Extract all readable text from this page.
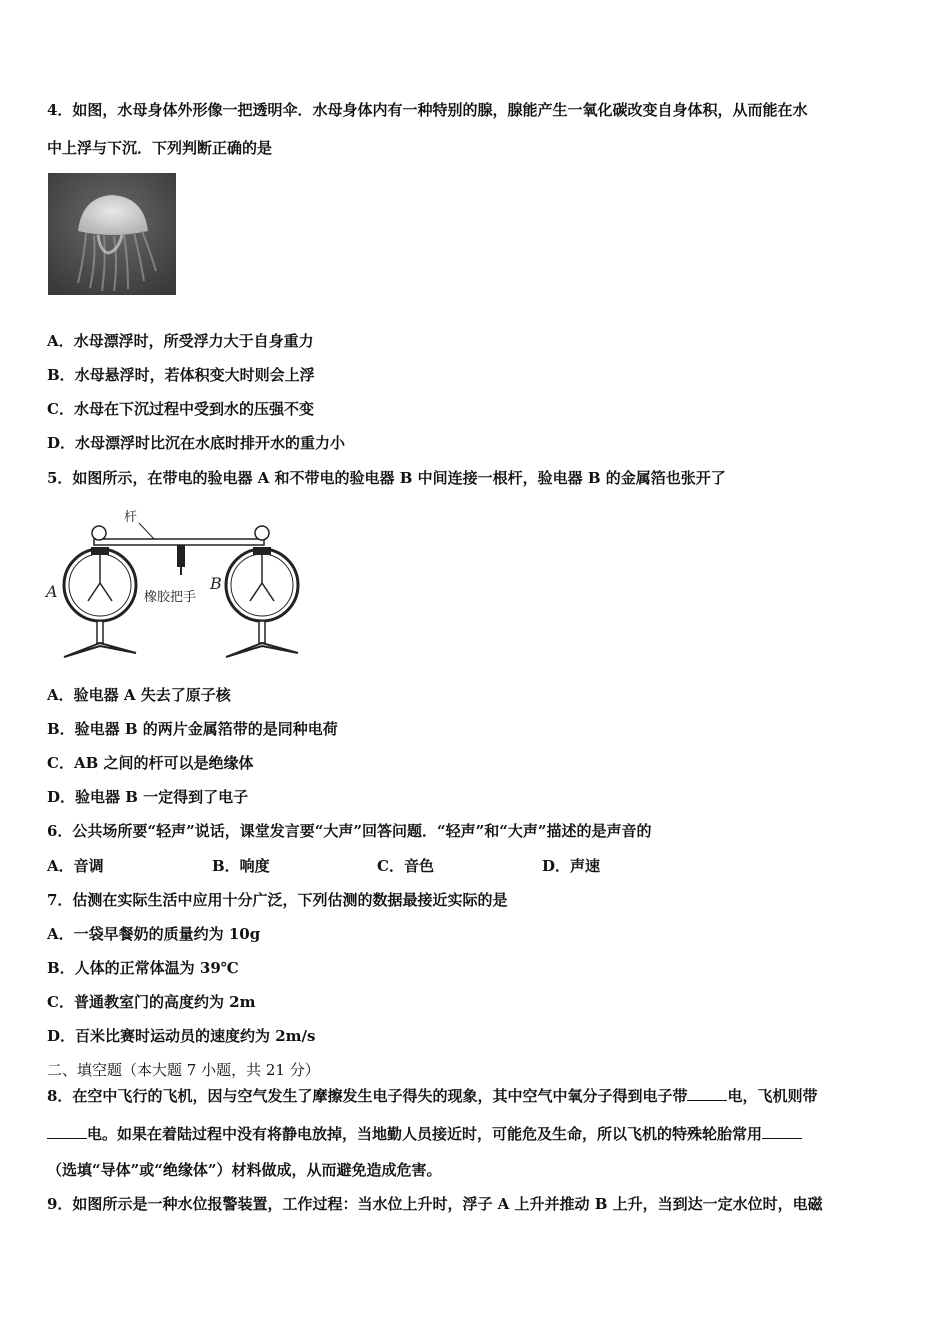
4．如图，水母身体外形像一把透明伞．水母身体内有一种特别的腺，腺能产生一氧化碳改变自身体积，从而能在水
中上浮与下沉．下列判断正确的是
A．水母漂浮时，所受浮力大于自身重力
B．水母悬浮时，若体积变大时则会上浮
C．水母在下沉过程中受到水的压强不变
D．水母漂浮时比沉在水底时排开水的重力小
5．如图所示，在带电的验电器 A 和不带电的验电器 B 中间连接一根杆，验电器 B 的金属箔也张开了
杆
橡胶把手
A	B
A．验电器 A 失去了原子核
B．验电器 B 的两片金属箔带的是同种电荷
C．AB 之间的杆可以是绝缘体
D．验电器 B 一定得到了电子
6．公共场所要“轻声”说话，课堂发言要“大声”回答问题．“轻声”和“大声”描述的是声音的
A．音调	B．响度	C．音色	D．声速
7．估测在实际生活中应用十分广泛，下列估测的数据最接近实际的是
A．一袋早餐奶的质量约为 10g
B．人体的正常体温为 39℃
C．普通教室门的高度约为 2m
D．百米比赛时运动员的速度约为 2m/s
二、填空题（本大题 7 小题，共 21 分）
8．在空中飞行的飞机，因与空气发生了摩擦发生电子得失的现象，其中空气中氧分子得到电子带	电，飞机则带
电。如果在着陆过程中没有将静电放掉，当地勤人员接近时，可能危及生命，所以飞机的特殊轮胎常用
（选填“导体”或“绝缘体”）材料做成，从而避免造成危害。
9．如图所示是一种水位报警装置，工作过程：当水位上升时，浮子 A 上升并推动 B 上升，当到达一定水位时，电磁
